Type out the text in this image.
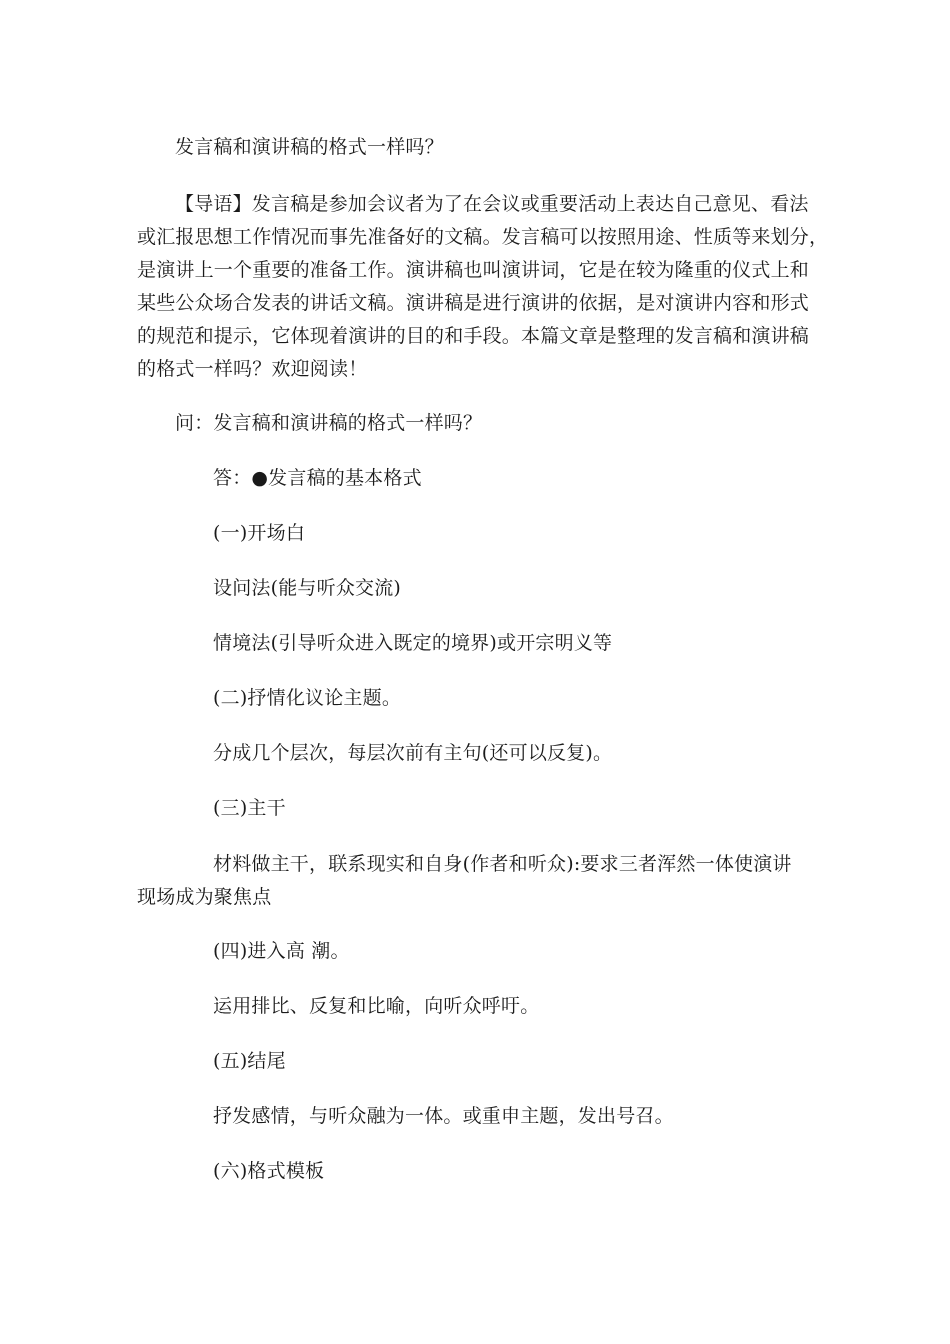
发言稿和演讲稿的格式一样吗？
【导语】发言稿是参加会议者为了在会议或重要活动上表达自己意见、看法
或汇报思想工作情况而事先准备好的文稿。发言稿可以按照用途、性质等来划分，
是演讲上一个重要的准备工作。演讲稿也叫演讲词，它是在较为隆重的仪式上和
某些公众场合发表的讲话文稿。演讲稿是进行演讲的依据，是对演讲内容和形式
的规范和提示，它体现着演讲的目的和手段。本篇文章是整理的发言稿和演讲稿
的格式一样吗？欢迎阅读！
问：发言稿和演讲稿的格式一样吗？
答：●发言稿的基本格式
(一)开场白
设问法(能与听众交流)
情境法(引导听众进入既定的境界)或开宗明义等
(二)抒情化议论主题。
分成几个层次，每层次前有主句(还可以反复)。
(三)主干
材料做主干，联系现实和自身(作者和听众):要求三者浑然一体使演讲
现场成为聚焦点
(四)进入高 潮。
运用排比、反复和比喻，向听众呼吁。
(五)结尾
抒发感情，与听众融为一体。或重申主题，发出号召。
(六)格式模板
